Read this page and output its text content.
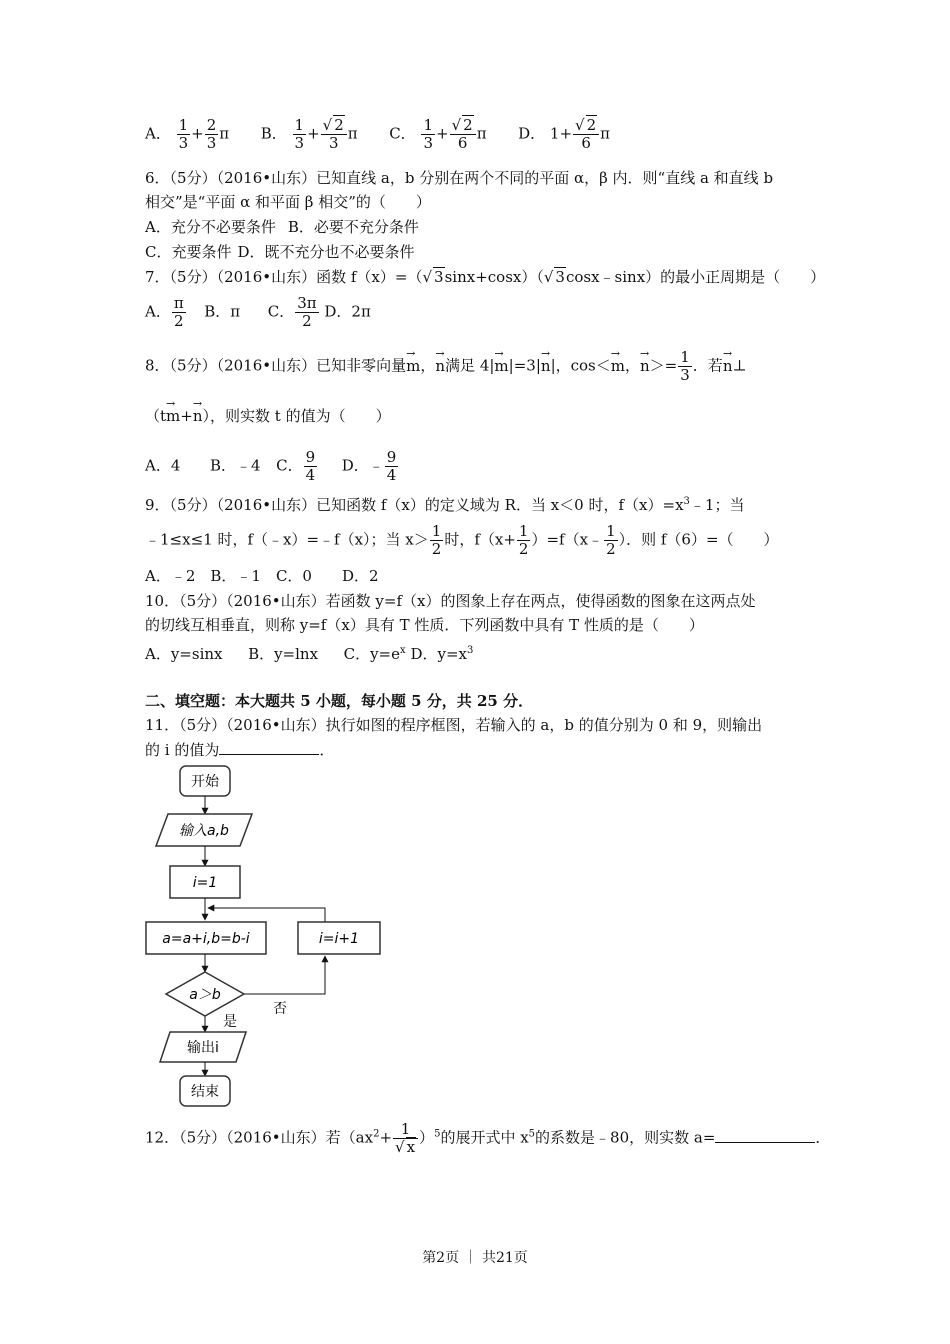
A． $\frac{1}{3} + \frac{2}{3}$ π B． $\frac{1}{3} + \frac{√ 2}{3}$ π C． $\frac{1}{3} + \frac{√ 2}{6}$ π D． $1+ \frac{√ 2}{6}$ π
6．（5分）（2016•山东）已知直线 a，b 分别在两个不同的平面 α，β 内．则“直线 a 和直线 b
相交”是“平面 α 和平面 β 相交”的（　　）
A．充分不必要条件 B．必要不充分条件
C．充要条件 D．既不充分也不必要条件
7．（5分）（2016•山东）函数 f（x）=（√ 3sinx+cosx）（√ 3cosx﹣sinx）的最小正周期是（　　）
A． $\frac{\pi}{2}$ B．π C． $\frac{3\pi}{2}$ D．2π
8．（5分）（2016•山东）已知非零向量→ m，→ n满足 4|→ m|=3|→ n|，cos＜→ m，→ $n>= \frac{1}{3}$ ．若→ n⊥
（t→ m+→ n），则实数 t 的值为（　　）
A．4 B．﹣4 C． $\frac{9}{4}$ D．﹣ $\frac{9}{4}$
9．（5分）（2016•山东）已知函数 f（x）的定义域为 R．当 x＜0 时，$f(x)=x^3﹣1$；当
﹣1≤x≤1 时，f（﹣x）=﹣f（x）；当 $x> \frac{1}{2}$ 时，$f(x+ \frac{1}{2}$ ）=f（x﹣ $\frac{1}{2}$ ）．则 f（6）=（　　）
A．﹣2　B．﹣1　C．0　　D．2
10．（5分）（2016•山东）若函数 y=f（x）的图象上存在两点，使得函数的图象在这两点处
的切线互相垂直，则称 y=f（x）具有 T 性质．下列函数中具有 T 性质的是（　　）
A．y=sinx B．y=lnx C．$y=e^x$ D．$y=x^3$
二、填空题：本大题共 5 小题，每小题 5 分，共 25 分．
11．（5分）（2016•山东）执行如图的程序框图，若输入的 a，b 的值分别为 0 和 9，则输出
的 i 的值为	．
开始
输入a,b
i=1
a=a+i,b=b-i	i=i+1
a＞b
否
是
输出i
结束
12．（5分）（2016•山东）若$(ax^2+ \frac{1}{√ x} )^5$的展开式中 $x^5$的系数是﹣80，则实数 a=	．
第2页 ｜ 共21页
